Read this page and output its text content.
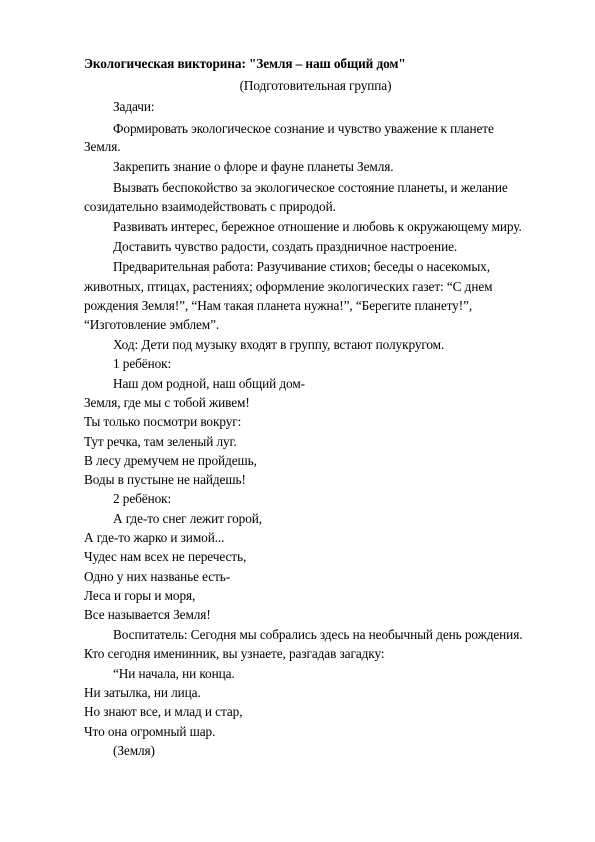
Экологическая викторина: "Земля – наш общий дом"
(Подготовительная группа)
Задачи:
Формировать экологическое сознание и чувство уважение к планете
Земля.
Закрепить знание о флоре и фауне планеты Земля.
Вызвать беспокойство за экологическое состояние планеты, и желание
созидательно взаимодействовать с природой.
Развивать интерес, бережное отношение и любовь к окружающему миру.
Доставить чувство радости, создать праздничное настроение.
Предварительная работа: Разучивание стихов; беседы о насекомых,
животных, птицах, растениях; оформление экологических газет: “С днем
рождения Земля!”, “Нам такая планета нужна!”, “Берегите планету!”,
“Изготовление эмблем”.
Ход: Дети под музыку входят в группу, встают полукругом.
1 ребёнок:
Наш дом родной, наш общий дом-
Земля, где мы с тобой живем!
Ты только посмотри вокруг:
Тут речка, там зеленый луг.
В лесу дремучем не пройдешь,
Воды в пустыне не найдешь!
2 ребёнок:
А где-то снег лежит горой,
А где-то жарко и зимой...
Чудес нам всех не перечесть,
Одно у них названье есть-
Леса и горы и моря,
Все называется Земля!
Воспитатель: Сегодня мы собрались здесь на необычный день рождения.
Кто сегодня именинник, вы узнаете, разгадав загадку:
“Ни начала, ни конца.
Ни затылка, ни лица.
Но знают все, и млад и стар,
Что она огромный шар.
(Земля)
